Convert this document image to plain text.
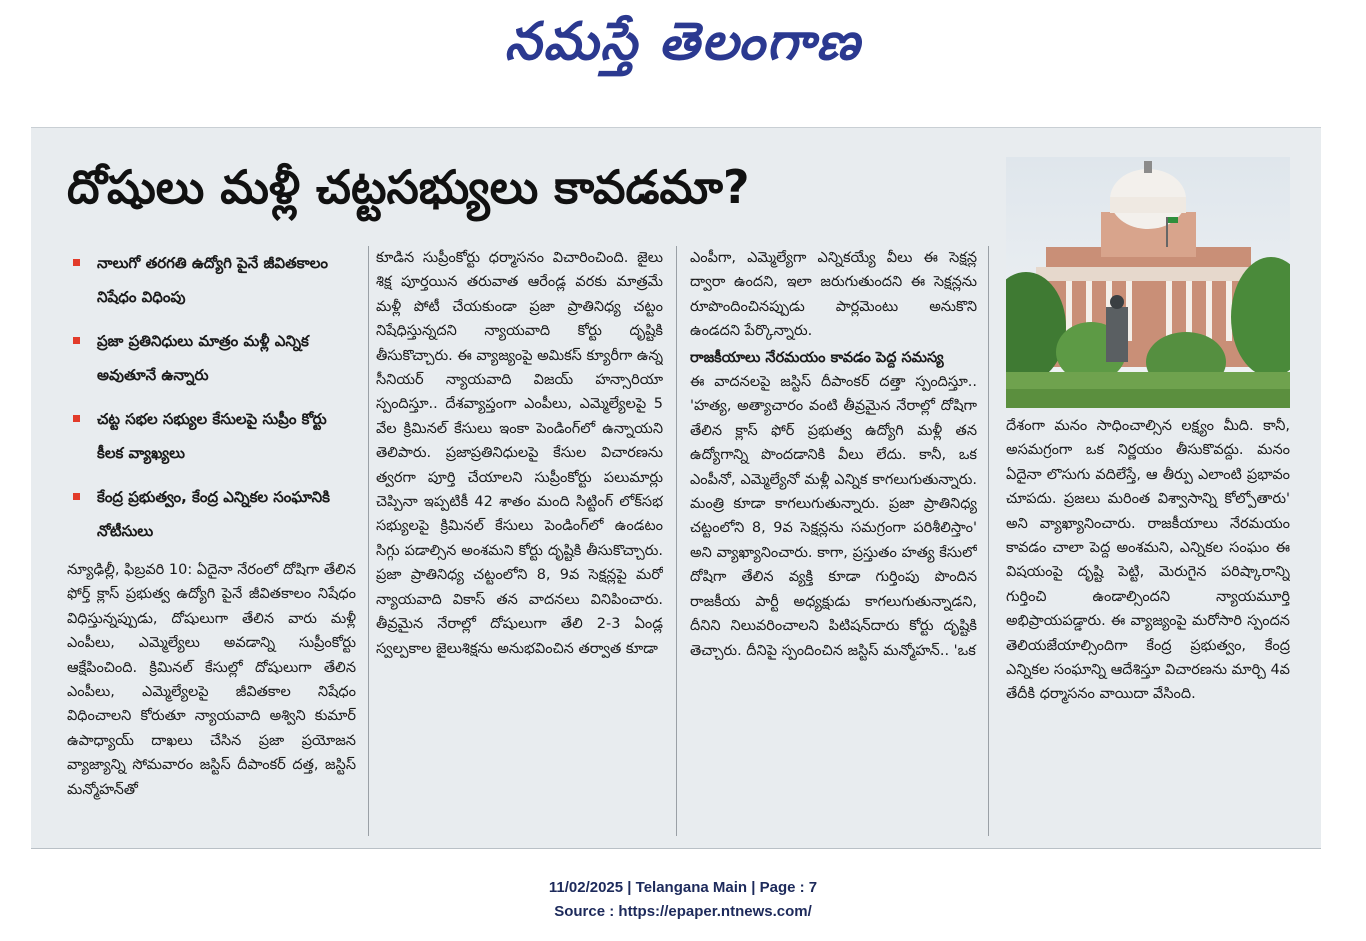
నమస్తే తెలంగాణ
దోషులు మళ్లీ చట్టసభ్యులు కావడమా?
నాలుగో తరగతి ఉద్యోగి పైనే జీవితకాలం నిషేధం విధింపు
ప్రజా ప్రతినిధులు మాత్రం మళ్లీ ఎన్నిక అవుతూనే ఉన్నారు
చట్ట సభల సభ్యుల కేసులపై సుప్రీం కోర్టు కీలక వ్యాఖ్యలు
కేంద్ర ప్రభుత్వం, కేంద్ర ఎన్నికల సంఘానికి నోటీసులు

న్యూఢిల్లీ, ఫిబ్రవరి 10: ఏదైనా నేరంలో దోషిగా తేలిన ఫోర్త్ క్లాస్ ప్రభుత్వ ఉద్యోగి పైనే జీవితకాలం నిషేధం విధిస్తున్నప్పుడు, దోషులుగా తేలిన వారు మళ్లీ ఎంపీలు, ఎమ్మెల్యేలు అవడాన్ని సుప్రీంకోర్టు ఆక్షేపించింది. క్రిమినల్ కేసుల్లో దోషులుగా తేలిన ఎంపీలు, ఎమ్మెల్యేలపై జీవితకాల నిషేధం విధించాలని కోరుతూ న్యాయవాది అశ్విని కుమార్ ఉపాధ్యాయ్ దాఖలు చేసిన ప్రజా ప్రయోజన వ్యాజ్యాన్ని సోమవారం జస్టిస్ దీపాంకర్ దత్త, జస్టిస్ మన్మోహన్‌తో

కూడిన సుప్రీంకోర్టు ధర్మాసనం విచారించింది. జైలు శిక్ష పూర్తయిన తరువాత ఆరేండ్ల వరకు మాత్రమే మళ్లీ పోటీ చేయకుండా ప్రజా ప్రాతినిధ్య చట్టం నిషేధిస్తున్నదని న్యాయవాది కోర్టు దృష్టికి తీసుకొచ్చారు. ఈ వ్యాజ్యంపై అమికస్ క్యూరీగా ఉన్న సీనియర్ న్యాయవాది విజయ్ హన్సారియా స్పందిస్తూ.. దేశవ్యాప్తంగా ఎంపీలు, ఎమ్మెల్యేలపై 5 వేల క్రిమినల్ కేసులు ఇంకా పెండింగ్‌లో ఉన్నాయని తెలిపారు. ప్రజాప్రతినిధులపై కేసుల విచారణను త్వరగా పూర్తి చేయాలని సుప్రీంకోర్టు పలుమార్లు చెప్పినా ఇప్పటికీ 42 శాతం మంది సిట్టింగ్ లోక్‌సభ సభ్యులపై క్రిమినల్ కేసులు పెండింగ్‌లో ఉండటం సిగ్గు పడాల్సిన అంశమని కోర్టు దృష్టికి తీసుకొచ్చారు. ప్రజా ప్రాతినిధ్య చట్టంలోని 8, 9వ సెక్షన్లపై మరో న్యాయవాది వికాస్ తన వాదనలు వినిపించారు. తీవ్రమైన నేరాల్లో దోషులుగా తేలి 2-3 ఏండ్ల స్వల్పకాల జైలుశిక్షను అనుభవించిన తర్వాత కూడా

ఎంపీగా, ఎమ్మెల్యేగా ఎన్నికయ్యే వీలు ఈ సెక్షన్ల ద్వారా ఉందని, ఇలా జరుగుతుందని ఈ సెక్షన్లను రూపొందించినప్పుడు పార్లమెంటు అనుకొని ఉండదని పేర్కొన్నారు.

రాజకీయాలు నేరమయం కావడం పెద్ద సమస్య

ఈ వాదనలపై జస్టిస్ దీపాంకర్ దత్తా స్పందిస్తూ.. 'హత్య, అత్యాచారం వంటి తీవ్రమైన నేరాల్లో దోషిగా తేలిన క్లాస్ ఫోర్ ప్రభుత్వ ఉద్యోగి మళ్లీ తన ఉద్యోగాన్ని పొందడానికి వీలు లేదు. కానీ, ఒక ఎంపీనో, ఎమ్మెల్యేనో మళ్లీ ఎన్నిక కాగలుగుతున్నారు. మంత్రి కూడా కాగలుగుతున్నారు. ప్రజా ప్రాతినిధ్య చట్టంలోని 8, 9వ సెక్షన్లను సమగ్రంగా పరిశీలిస్తాం' అని వ్యాఖ్యానించారు. కాగా, ప్రస్తుతం హత్య కేసులో దోషిగా తేలిన వ్యక్తి కూడా గుర్తింపు పొందిన రాజకీయ పార్టీ అధ్యక్షుడు కాగలుగుతున్నాడని, దీనిని నిలువరించాలని పిటిషన్‌దారు కోర్టు దృష్టికి తెచ్చారు. దీనిపై స్పందించిన జస్టిస్ మన్మోహన్.. 'ఒక

దేశంగా మనం సాధించాల్సిన లక్ష్యం మీది. కానీ, అసమగ్రంగా ఒక నిర్ణయం తీసుకొవద్దు. మనం ఏదైనా లొసుగు వదిలేస్తే, ఆ తీర్పు ఎలాంటి ప్రభావం చూపదు. ప్రజలు మరింత విశ్వాసాన్ని కోల్పోతారు' అని వ్యాఖ్యానించారు. రాజకీయాలు నేరమయం కావడం చాలా పెద్ద అంశమని, ఎన్నికల సంఘం ఈ విషయంపై దృష్టి పెట్టి, మెరుగైన పరిష్కారాన్ని గుర్తించి ఉండాల్సిందని న్యాయమూర్తి అభిప్రాయపడ్డారు. ఈ వ్యాజ్యంపై మరోసారి స్పందన తెలియజేయాల్సిందిగా కేంద్ర ప్రభుత్వం, కేంద్ర ఎన్నికల సంఘాన్ని ఆదేశిస్తూ విచారణను మార్చి 4వ తేదీకి ధర్మాసనం వాయిదా వేసింది.

11/02/2025 | Telangana Main | Page : 7
Source : https://epaper.ntnews.com/
